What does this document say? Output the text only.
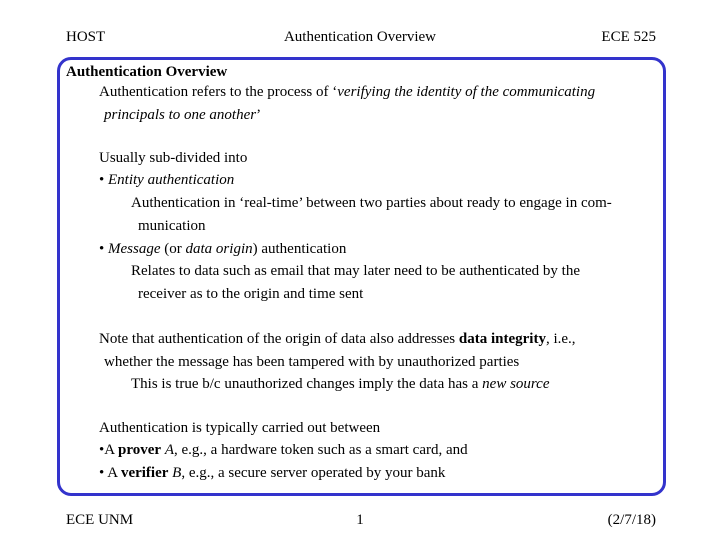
HOST	Authentication Overview	ECE 525
Authentication Overview
Authentication refers to the process of ‘verifying the identity of the communicating
principals to one another’
Usually sub-divided into
• Entity authentication
Authentication in ‘real-time’ between two parties about ready to engage in com-
munication
• Message (or data origin) authentication
Relates to data such as email that may later need to be authenticated by the
receiver as to the origin and time sent
Note that authentication of the origin of data also addresses data integrity, i.e.,
whether the message has been tampered with by unauthorized parties
This is true b/c unauthorized changes imply the data has a new source
Authentication is typically carried out between
•A prover A, e.g., a hardware token such as a smart card, and
• A verifier B, e.g., a secure server operated by your bank
ECE UNM	1	(2/7/18)
